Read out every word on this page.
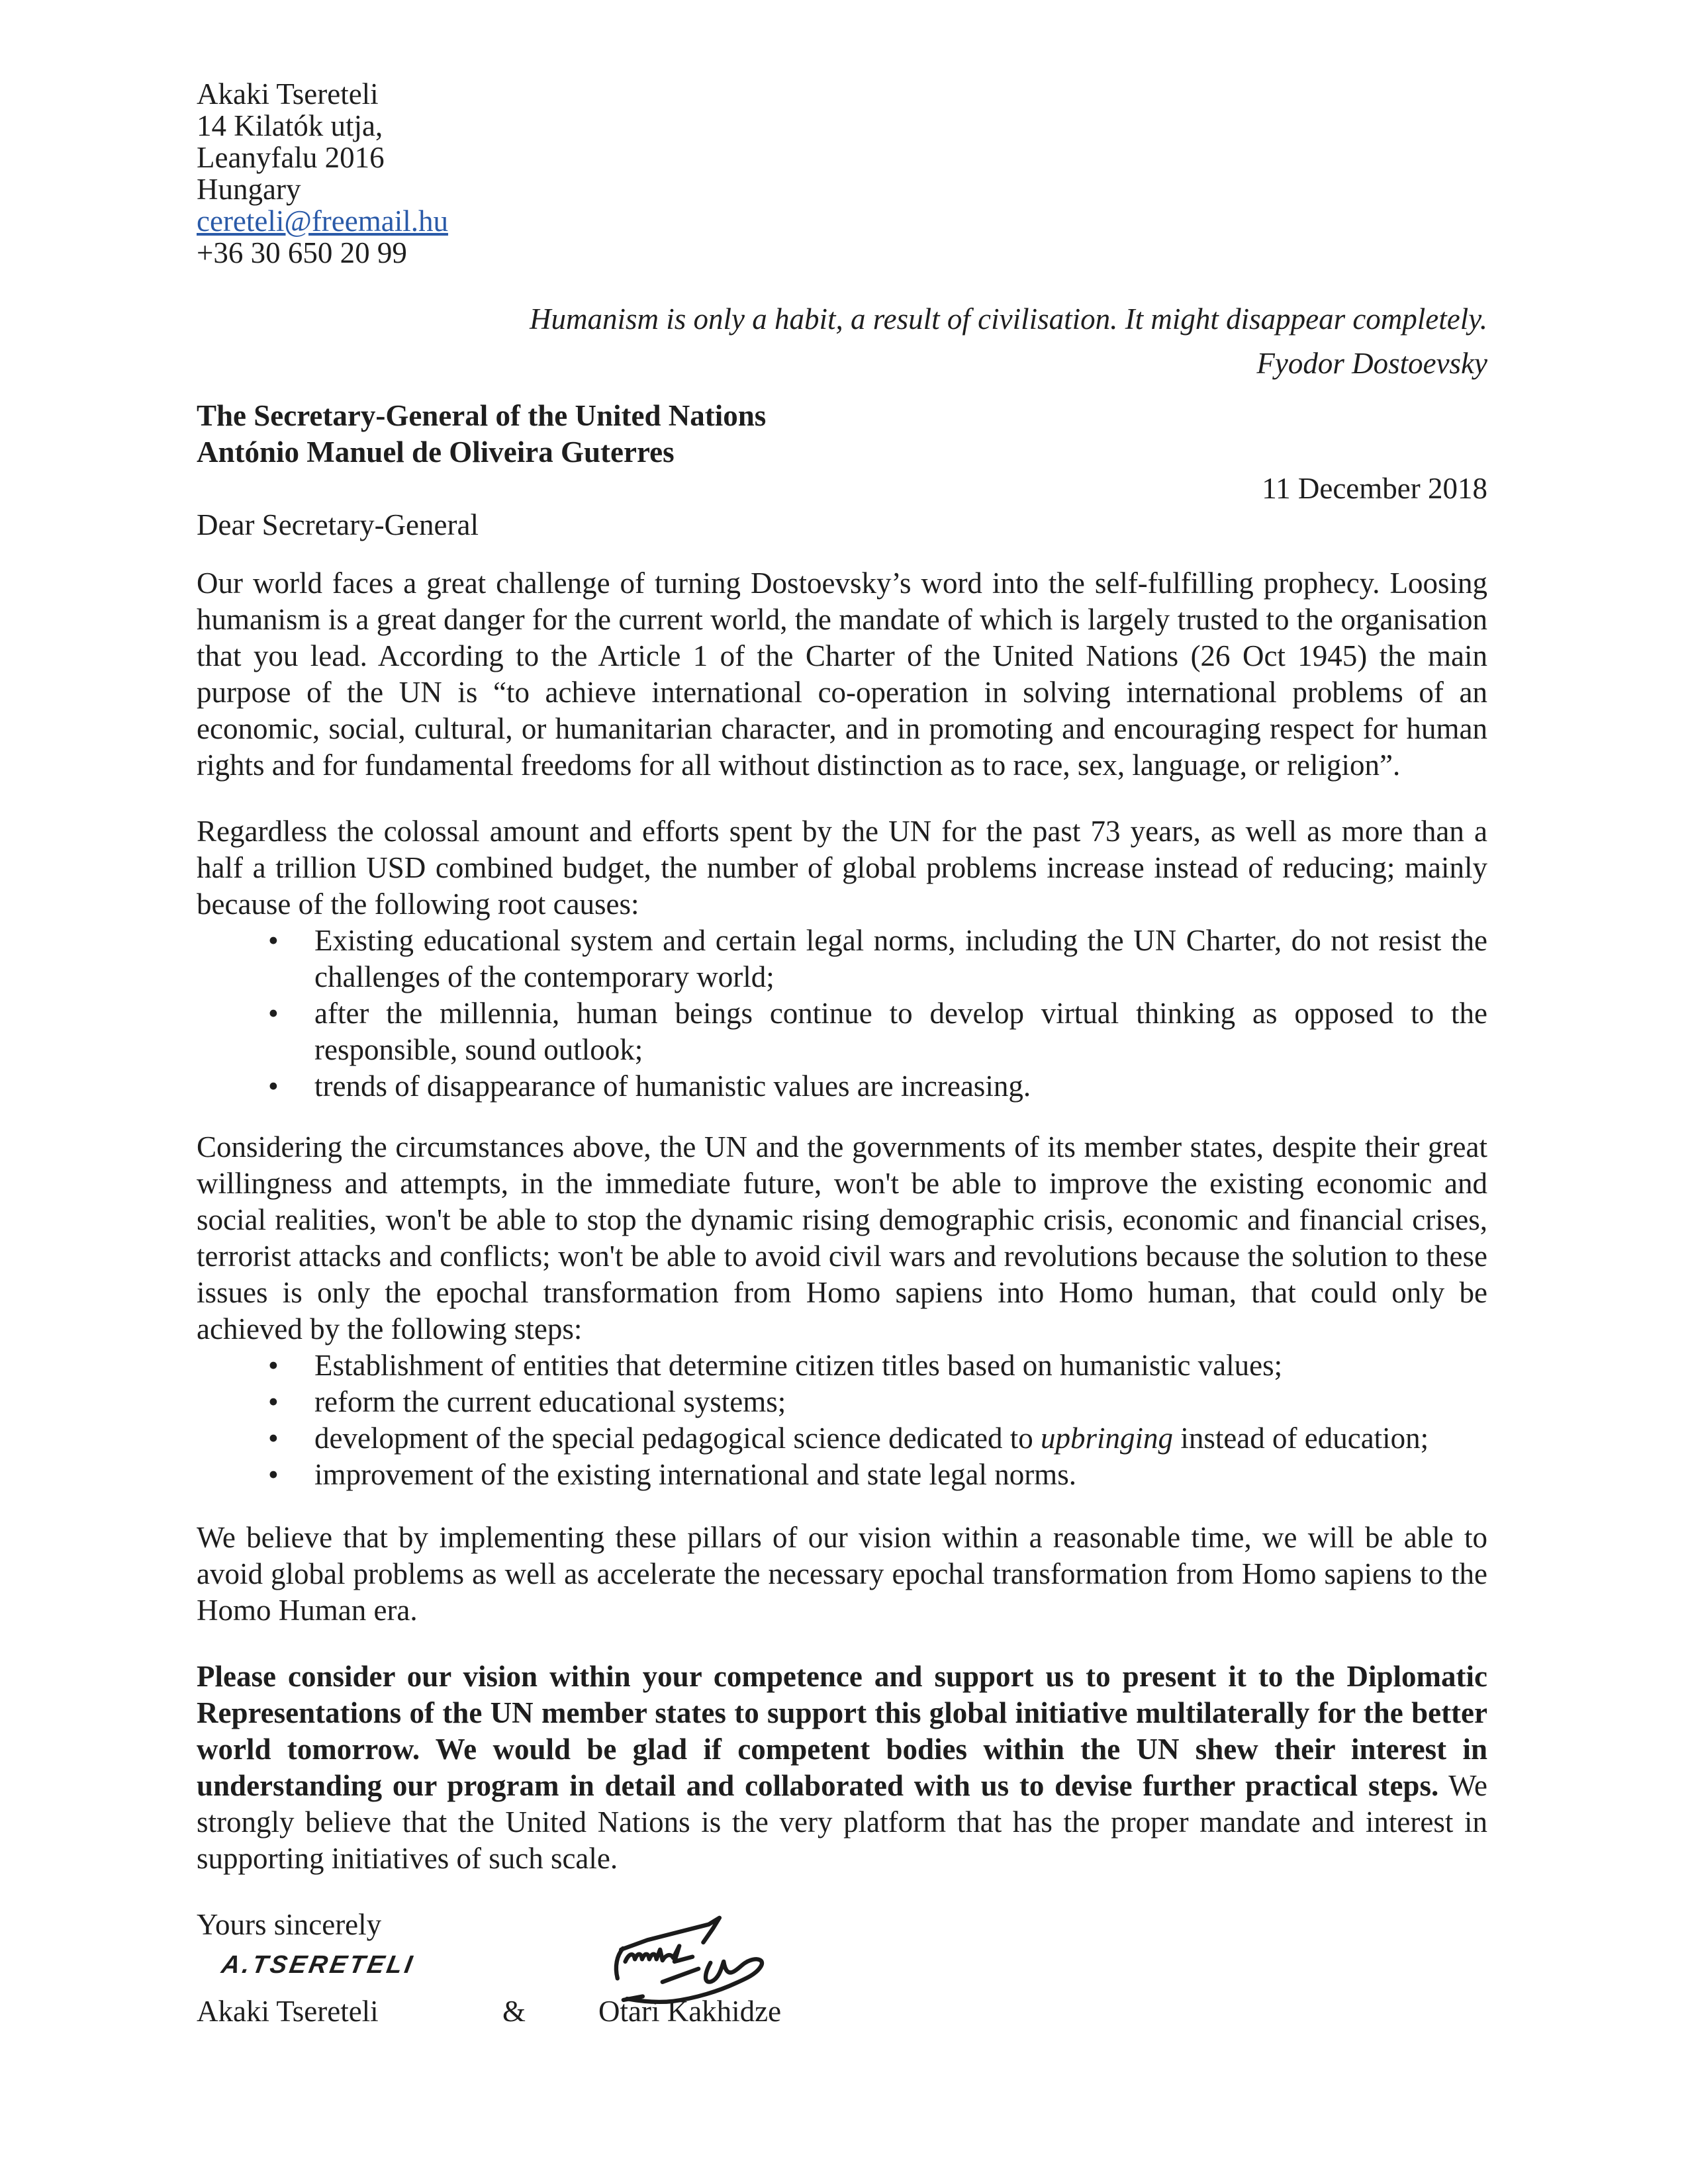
Akaki Tsereteli
14 Kilatók utja,
Leanyfalu 2016
Hungary
cereteli@freemail.hu
+36 30 650 20 99
Humanism is only a habit, a result of civilisation. It might disappear completely.
Fyodor Dostoevsky
The Secretary-General of the United Nations
António Manuel de Oliveira Guterres
11 December 2018
Dear Secretary-General

Our world faces a great challenge of turning Dostoevsky’s word into the self-fulfilling prophecy. Loosing humanism is a great danger for the current world, the mandate of which is largely trusted to the organisation that you lead. According to the Article 1 of the Charter of the United Nations (26 Oct 1945) the main purpose of the UN is “to achieve international co-operation in solving international problems of an economic, social, cultural, or humanitarian character, and in promoting and encouraging respect for human rights and for fundamental freedoms for all without distinction as to race, sex, language, or religion”.

Regardless the colossal amount and efforts spent by the UN for the past 73 years, as well as more than a half a trillion USD combined budget, the number of global problems increase instead of reducing; mainly because of the following root causes:

• Existing educational system and certain legal norms, including the UN Charter, do not resist the challenges of the contemporary world;
• after the millennia, human beings continue to develop virtual thinking as opposed to the responsible, sound outlook;
• trends of disappearance of humanistic values are increasing.

Considering the circumstances above, the UN and the governments of its member states, despite their great willingness and attempts, in the immediate future, won't be able to improve the existing economic and social realities, won't be able to stop the dynamic rising demographic crisis, economic and financial crises, terrorist attacks and conflicts; won't be able to avoid civil wars and revolutions because the solution to these issues is only the epochal transformation from Homo sapiens into Homo human, that could only be achieved by the following steps:

• Establishment of entities that determine citizen titles based on humanistic values;
• reform the current educational systems;
• development of the special pedagogical science dedicated to upbringing instead of education;
• improvement of the existing international and state legal norms.

We believe that by implementing these pillars of our vision within a reasonable time, we will be able to avoid global problems as well as accelerate the necessary epochal transformation from Homo sapiens to the Homo Human era.

Please consider our vision within your competence and support us to present it to the Diplomatic Representations of the UN member states to support this global initiative multilaterally for the better world tomorrow. We would be glad if competent bodies within the UN shew their interest in understanding our program in detail and collaborated with us to devise further practical steps. We strongly believe that the United Nations is the very platform that has the proper mandate and interest in supporting initiatives of such scale.

Yours sincerely
A.TSERETELI
Akaki Tsereteli	& Otari Kakhidze
